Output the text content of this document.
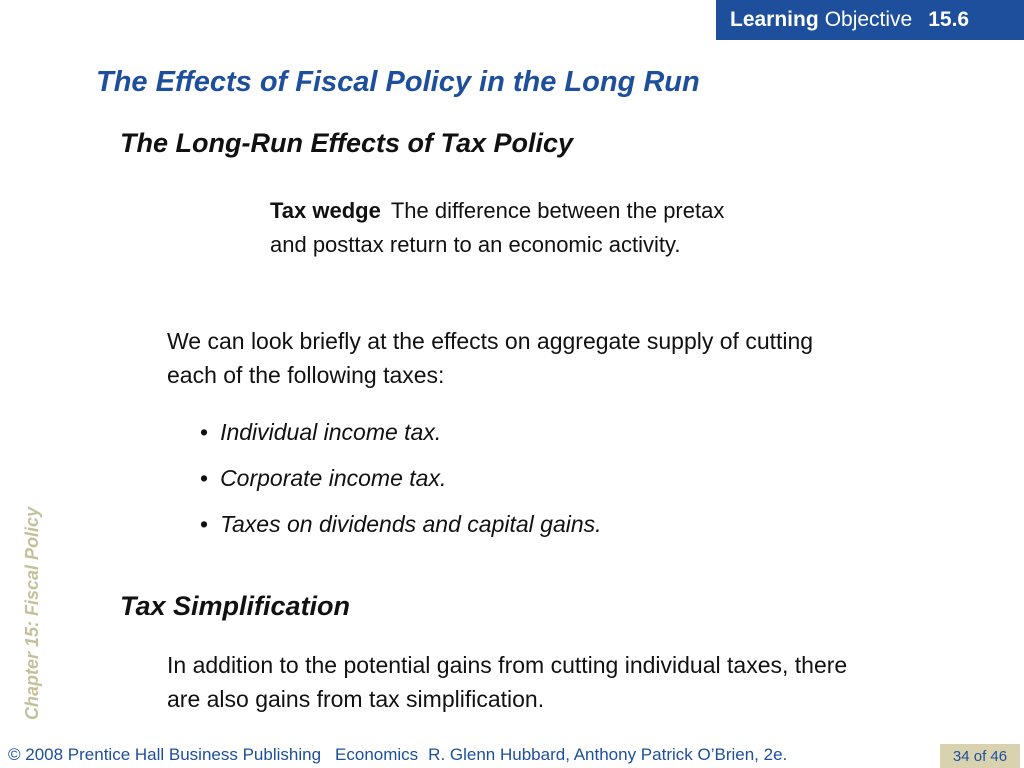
Learning Objective 15.6
The Effects of Fiscal Policy in the Long Run
The Long-Run Effects of Tax Policy
Tax wedge The difference between the pretax and posttax return to an economic activity.

We can look briefly at the effects on aggregate supply of cutting each of the following taxes:

• Individual income tax.
• Corporate income tax.
• Taxes on dividends and capital gains.
Tax Simplification

In addition to the potential gains from cutting individual taxes, there are also gains from tax simplification.

Chapter 15: Fiscal Policy
© 2008 Prentice Hall Business Publishing Economics R. Glenn Hubbard, Anthony Patrick O’Brien, 2e.	34 of 46
